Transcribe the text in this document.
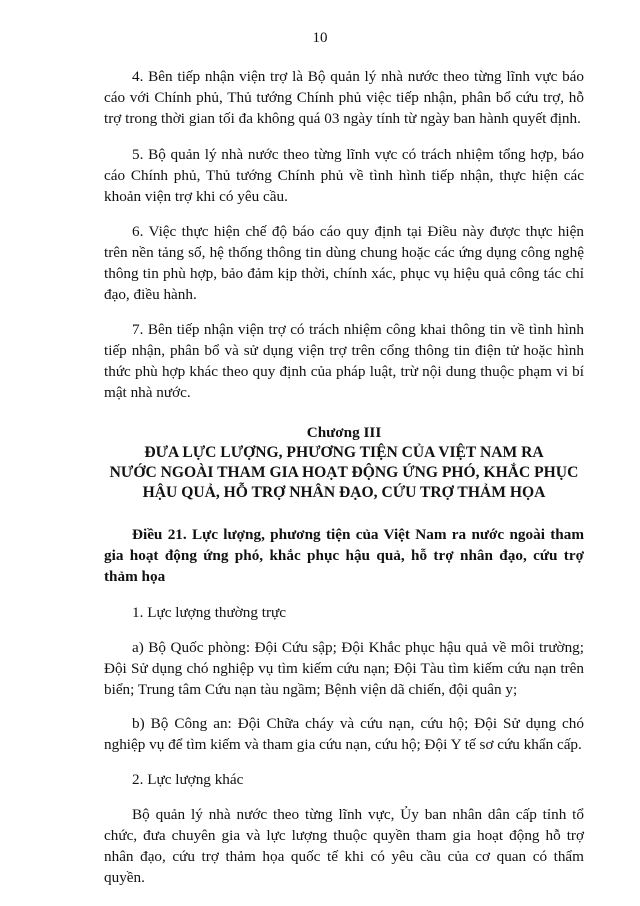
10

4. Bên tiếp nhận viện trợ là Bộ quản lý nhà nước theo từng lĩnh vực báo cáo với Chính phủ, Thủ tướng Chính phủ việc tiếp nhận, phân bổ cứu trợ, hỗ trợ trong thời gian tối đa không quá 03 ngày tính từ ngày ban hành quyết định.

5. Bộ quản lý nhà nước theo từng lĩnh vực có trách nhiệm tổng hợp, báo cáo Chính phủ, Thủ tướng Chính phủ về tình hình tiếp nhận, thực hiện các khoản viện trợ khi có yêu cầu.

6. Việc thực hiện chế độ báo cáo quy định tại Điều này được thực hiện trên nền tảng số, hệ thống thông tin dùng chung hoặc các ứng dụng công nghệ thông tin phù hợp, bảo đảm kịp thời, chính xác, phục vụ hiệu quả công tác chỉ đạo, điều hành.

7. Bên tiếp nhận viện trợ có trách nhiệm công khai thông tin về tình hình tiếp nhận, phân bổ và sử dụng viện trợ trên cổng thông tin điện tử hoặc hình thức phù hợp khác theo quy định của pháp luật, trừ nội dung thuộc phạm vi bí mật nhà nước.

Chương III

ĐƯA LỰC LƯỢNG, PHƯƠNG TIỆN CỦA VIỆT NAM RA

NƯỚC NGOÀI THAM GIA HOẠT ĐỘNG ỨNG PHÓ, KHẮC PHỤC

HẬU QUẢ, HỖ TRỢ NHÂN ĐẠO, CỨU TRỢ THẢM HỌA

Điều 21. Lực lượng, phương tiện của Việt Nam ra nước ngoài tham gia hoạt động ứng phó, khắc phục hậu quả, hỗ trợ nhân đạo, cứu trợ thảm họa

1. Lực lượng thường trực

a) Bộ Quốc phòng: Đội Cứu sập; Đội Khắc phục hậu quả về môi trường; Đội Sử dụng chó nghiệp vụ tìm kiếm cứu nạn; Đội Tàu tìm kiếm cứu nạn trên biển; Trung tâm Cứu nạn tàu ngầm; Bệnh viện dã chiến, đội quân y;

b) Bộ Công an: Đội Chữa cháy và cứu nạn, cứu hộ; Đội Sử dụng chó nghiệp vụ để tìm kiếm và tham gia cứu nạn, cứu hộ; Đội Y tế sơ cứu khẩn cấp.

2. Lực lượng khác

Bộ quản lý nhà nước theo từng lĩnh vực, Ủy ban nhân dân cấp tỉnh tổ chức, đưa chuyên gia và lực lượng thuộc quyền tham gia hoạt động hỗ trợ nhân đạo, cứu trợ thảm họa quốc tế khi có yêu cầu của cơ quan có thẩm quyền.
